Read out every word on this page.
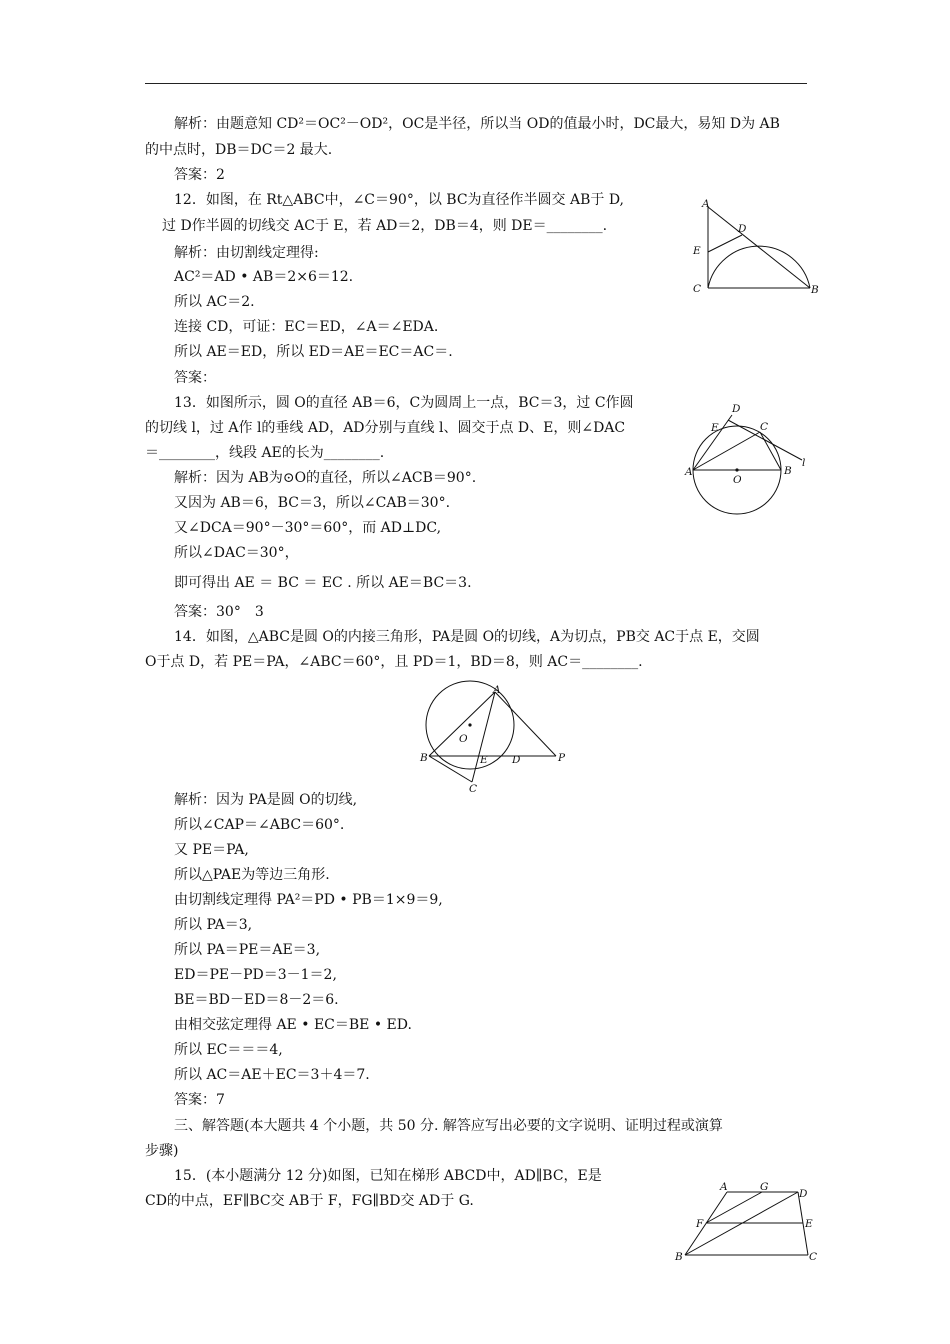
解析：由题意知 CD²＝OC²－OD²，OC是半径，所以当 OD的值最小时，DC最大，易知 D为 AB
的中点时，DB＝DC＝2 最大.
答案：2
12．如图，在 Rt△ABC中，∠C＝90°，以 BC为直径作半圆交 AB于 D,
过 D作半圆的切线交 AC于 E，若 AD＝2，DB＝4，则 DE＝________.
解析：由切割线定理得:
AC²＝AD • AB＝2×6＝12.
所以 AC＝2.
连接 CD，可证：EC＝ED，∠A＝∠EDA.
所以 AE＝ED，所以 ED＝AE＝EC＝AC＝.
答案：
13．如图所示，圆 O的直径 AB＝6，C为圆周上一点，BC＝3，过 C作圆
的切线 l，过 A作 l的垂线 AD，AD分别与直线 l、圆交于点 D、E，则∠DAC
＝________，线段 AE的长为________.
解析：因为 AB为⊙O的直径，所以∠ACB＝90°.
又因为 AB＝6，BC＝3，所以∠CAB＝30°.
又∠DCA＝90°－30°＝60°，而 AD⊥DC,
所以∠DAC＝30°，
即可得出 AE ＝ BC ＝ EC . 所以 AE＝BC＝3.
答案：30°　3
14．如图，△ABC是圆 O的内接三角形，PA是圆 O的切线，A为切点，PB交 AC于点 E，交圆
O于点 D，若 PE＝PA，∠ABC＝60°，且 PD＝1，BD＝8，则 AC＝________.
解析：因为 PA是圆 O的切线,
所以∠CAP＝∠ABC＝60°.
又 PE＝PA,
所以△PAE为等边三角形.
由切割线定理得 PA²＝PD • PB＝1×9＝9,
所以 PA＝3,
所以 PA＝PE＝AE＝3,
ED＝PE－PD＝3－1＝2,
BE＝BD－ED＝8－2＝6.
由相交弦定理得 AE • EC＝BE • ED.
所以 EC＝＝＝4,
所以 AC＝AE＋EC＝3＋4＝7.
答案：7
三、解答题(本大题共 4 个小题，共 50 分. 解答应写出必要的文字说明、证明过程或演算
步骤)
15．(本小题满分 12 分)如图，已知在梯形 ABCD中，AD∥BC，E是
CD的中点，EF∥BC交 AB于 F，FG∥BD交 AD于 G.
A
D
E
C	B
D
E	C
A
O
B
l
A
O
B	E D	P
C
A	G
D
F	E
B	C
